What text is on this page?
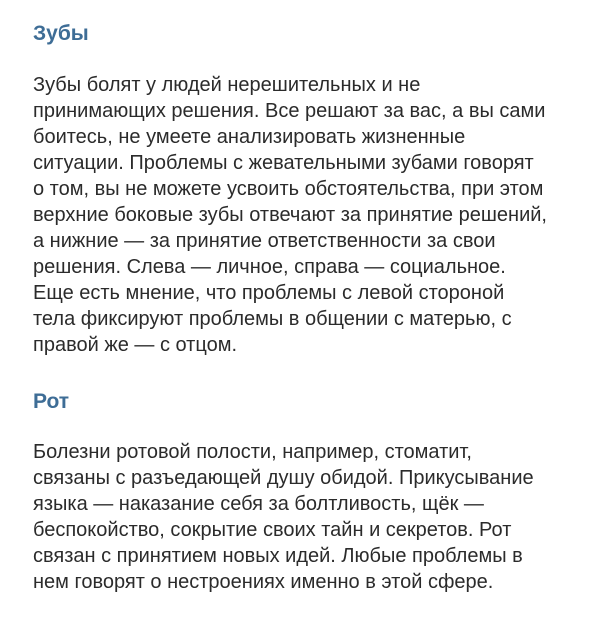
Зубы
Зубы болят у людей нерешительных и не
принимающих решения. Все решают за вас, а вы сами
боитесь, не умеете анализировать жизненные
ситуации. Проблемы с жевательными зубами говорят
о том, вы не можете усвоить обстоятельства, при этом
верхние боковые зубы отвечают за принятие решений,
а нижние — за принятие ответственности за свои
решения. Слева — личное, справа — социальное.
Еще есть мнение, что проблемы с левой стороной
тела фиксируют проблемы в общении с матерью, с
правой же — с отцом.
Рот
Болезни ротовой полости, например, стоматит,
связаны с разъедающей душу обидой. Прикусывание
языка — наказание себя за болтливость, щёк —
беспокойство, сокрытие своих тайн и секретов. Рот
связан с принятием новых идей. Любые проблемы в
нем говорят о нестроениях именно в этой сфере.
